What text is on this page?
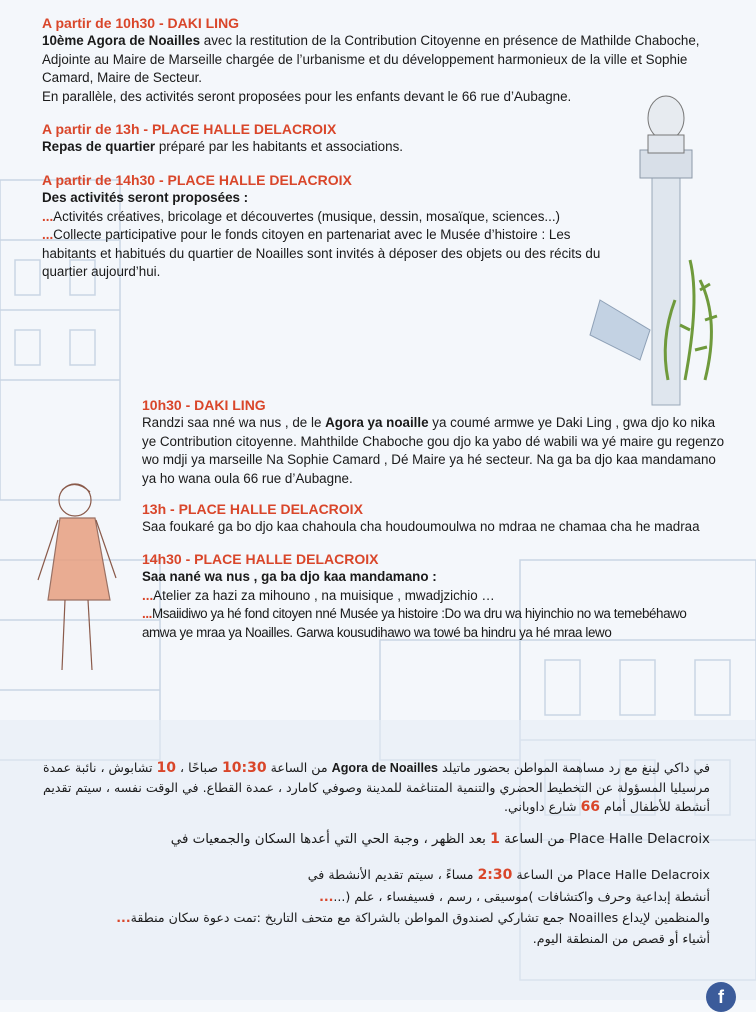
A partir de 10h30 - DAKI LING

10ème Agora de Noailles avec la restitution de la Contribution Citoyenne en présence de Mathilde Chaboche, Adjointe au Maire de Marseille chargée de l’urbanisme et du développement harmonieux de la ville et Sophie Camard, Maire de Secteur.

En parallèle, des activités seront proposées pour les enfants devant le 66 rue d’Aubagne.

A partir de 13h - PLACE HALLE DELACROIX

Repas de quartier préparé par les habitants et associations.

A partir de 14h30 - PLACE HALLE DELACROIX

Des activités seront proposées :

...Activités créatives, bricolage et découvertes (musique, dessin, mosaïque, sciences...)

...Collecte participative pour le fonds citoyen en partenariat avec le Musée d’histoire : Les habitants et habitués du quartier de Noailles sont invités à déposer des objets ou des récits du quartier aujourd’hui.

10h30 - DAKI LING

Randzi saa nné wa nus , de le Agora ya noaille ya coumé armwe ye Daki Ling , gwa djo ko nika ye Contribution citoyenne. Mahthilde Chaboche gou djo ka yabo dé wabili wa yé maire gu regenzo wo mdji ya marseille Na Sophie Camard , Dé Maire ya hé secteur. Na ga ba djo kaa mandamano ya ho wana oula 66 rue d’Aubagne.

13h - PLACE HALLE DELACROIX

Saa foukaré ga bo djo kaa chahoula cha houdoumoulwa no mdraa ne chamaa cha he madraa

14h30 - PLACE HALLE DELACROIX

Saa nané wa nus , ga ba djo kaa mandamano :

...Atelier za hazi za mihouno , na muisique , mwadjzichio …

...Msaiidiwo ya hé fond citoyen nné Musée ya histoire :Do wa dru wa hiyinchio no wa temebéhawo amwa ye mraa ya Noailles. Garwa kousudihawo wa towé ba hindru ya hé mraa lewo

في داكي لينغ مع رد مساهمة المواطن بحضور ماتيلد Agora de Noailles من الساعة 10:30 صباحًا ، 10 تشابوش ، نائبة عمدة مرسيليا المسؤولة عن التخطيط الحضري والتنمية المتناغمة للمدينة وصوفي كامارد ، عمدة القطاع. في الوقت نفسه ، سيتم تقديم أنشطة للأطفال أمام 66 شارع داوباني.
Place Halle Delacroix من الساعة 1 بعد الظهر ، وجبة الحي التي أعدها السكان والجمعيات في
Place Halle Delacroix من الساعة 2:30 مساءً ، سيتم تقديم الأنشطة في
أنشطة إبداعية وحرف واكتشافات )موسيقى ، رسم ، فسيفساء ، علم (......
والمنظمين لإيداع Noailles جمع تشاركي لصندوق المواطن بالشراكة مع متحف التاريخ :تمت دعوة سكان منطقة...
أشياء أو قصص من المنطقة اليوم.
f
